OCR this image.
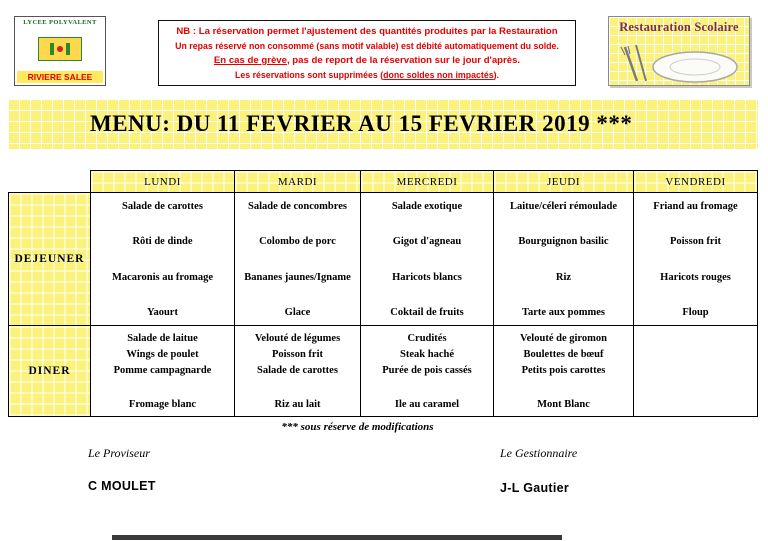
LYCEE POLYVALENT
RIVIERE SALEE
NB : La réservation permet l'ajustement des quantités produites par la Restauration
Un repas réservé non consommé (sans motif valable) est débité automatiquement du solde.
En cas de grève, pas de report de la réservation sur le jour d'après.
Les réservations sont supprimées (donc soldes non impactés).
Restauration Scolaire
MENU: DU 11 FEVRIER AU 15 FEVRIER 2019 ***
	LUNDI	MARDI	MERCREDI	JEUDI	VENDREDI
DEJEUNER	Salade de carottes
Rôti de dinde
Macaronis au fromage
Yaourt	Salade de concombres
Colombo de porc
Bananes jaunes/Igname
Glace	Salade exotique
Gigot d'agneau
Haricots blancs
Coktail de fruits	Laitue/céleri rémoulade
Bourguignon basilic
Riz
Tarte aux pommes	Friand au fromage
Poisson frit
Haricots rouges
Floup

DINER	Salade de laitue
Wings de poulet
Pomme campagnarde
Fromage blanc	Velouté de légumes
Poisson frit
Salade de carottes
Riz au lait	Crudités
Steak haché
Purée de pois cassés
Ile au caramel	Velouté de giromon
Boulettes de bœuf
Petits pois carottes
Mont Blanc	

*** sous réserve de modifications
Le Proviseur	Le Gestionnaire
C MOULET	J-L Gautier
